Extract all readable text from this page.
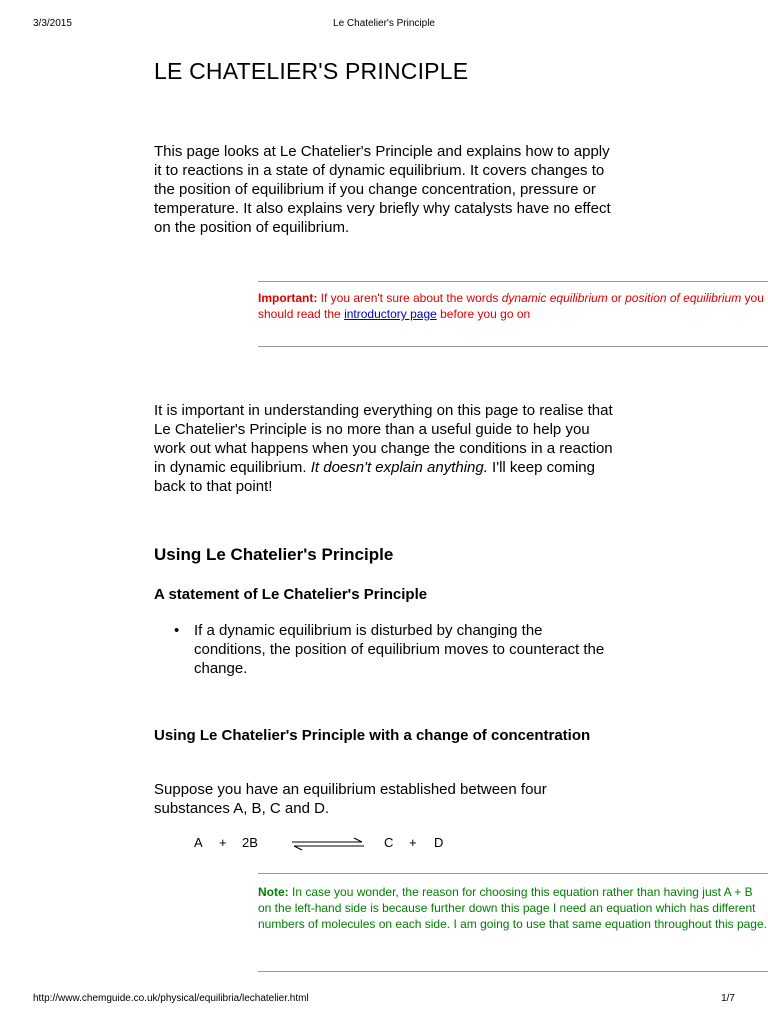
3/3/2015	Le Chatelier's Principle
LE CHATELIER'S PRINCIPLE

This page looks at Le Chatelier's Principle and explains how to apply it to reactions in a state of dynamic equilibrium. It covers changes to the position of equilibrium if you change concentration, pressure or temperature. It also explains very briefly why catalysts have no effect on the position of equilibrium.

Important: If you aren't sure about the words dynamic equilibrium or position of equilibrium you should read the introductory page before you go on

It is important in understanding everything on this page to realise that Le Chatelier's Principle is no more than a useful guide to help you work out what happens when you change the conditions in a reaction in dynamic equilibrium. It doesn't explain anything. I'll keep coming back to that point!

Using Le Chatelier's Principle
A statement of Le Chatelier's Principle
• If a dynamic equilibrium is disturbed by changing the conditions, the position of equilibrium moves to counteract the change.
Using Le Chatelier's Principle with a change of concentration

Suppose you have an equilibrium established between four substances A, B, C and D.

A + 2B	C + D
Note: In case you wonder, the reason for choosing this equation rather than having just A + B on the left-hand side is because further down this page I need an equation which has different numbers of molecules on each side. I am going to use that same equation throughout this page.
http://www.chemguide.co.uk/physical/equilibria/lechatelier.html	1/7
